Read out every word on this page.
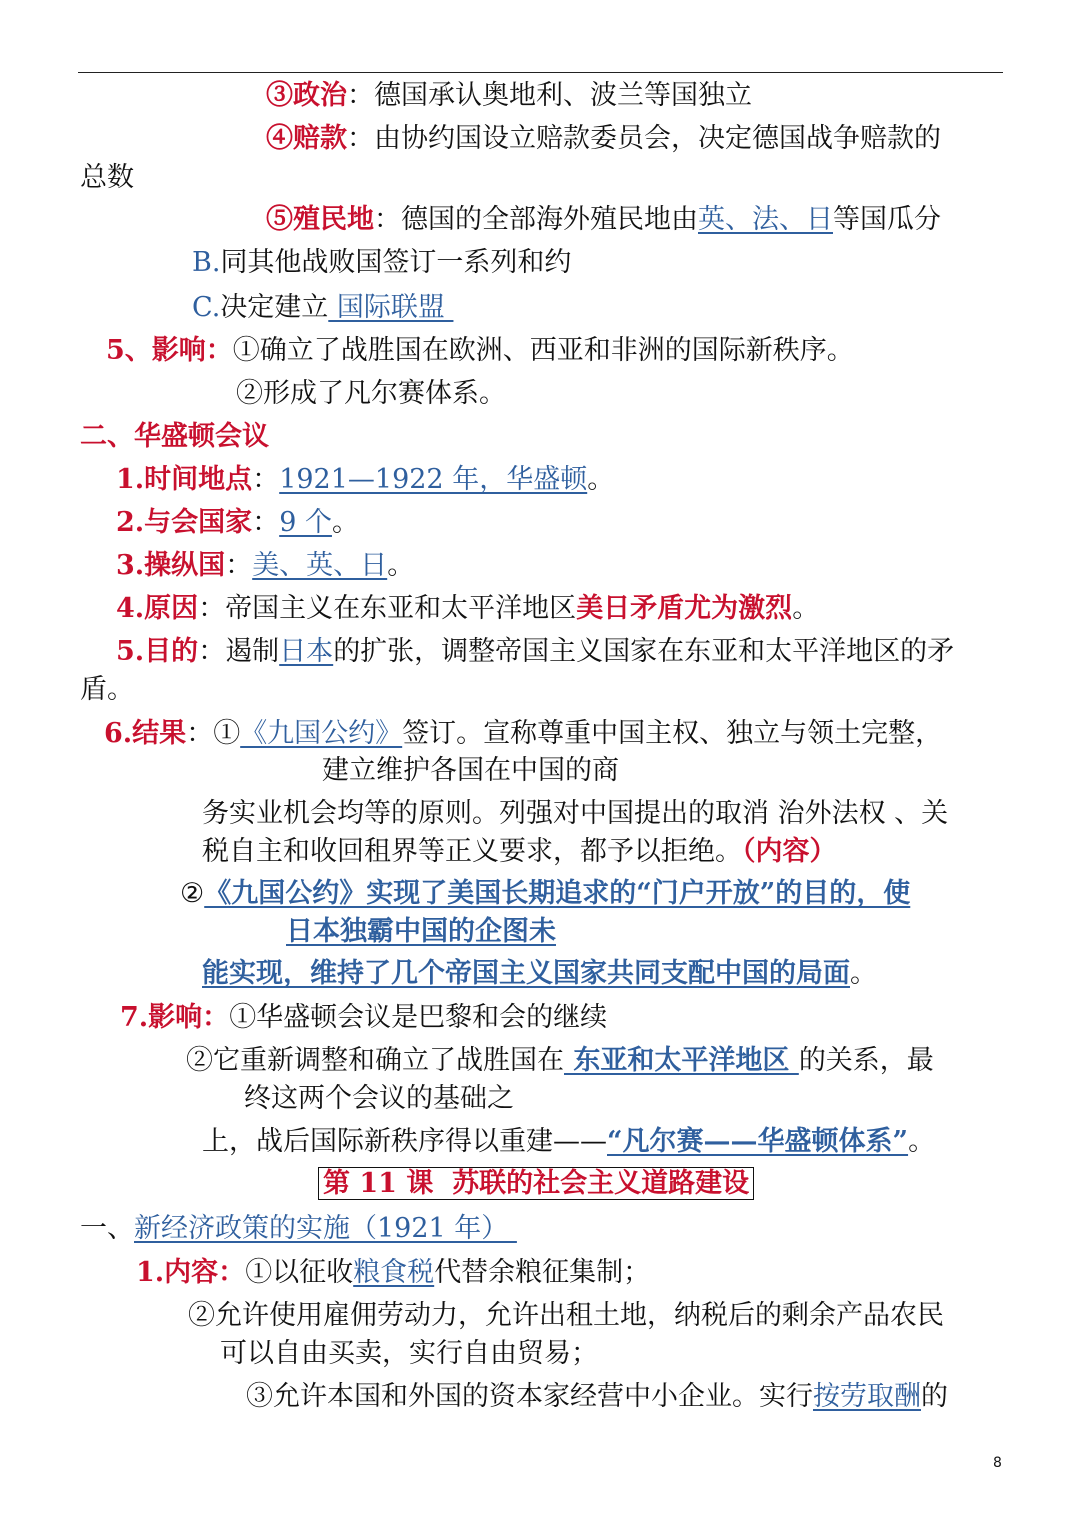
③政治：德国承认奥地利、波兰等国独立
④赔款：由协约国设立赔款委员会，决定德国战争赔款的
总数
⑤殖民地：德国的全部海外殖民地由英、法、日等国瓜分
B.同其他战败国签订一系列和约
C.决定建立 国际联盟
5、影响：①确立了战胜国在欧洲、西亚和非洲的国际新秩序。
②形成了凡尔赛体系。
二、华盛顿会议
1.时间地点：1921—1922 年，华盛顿。
2.与会国家：9 个。
3.操纵国：美、英、日。
4.原因：帝国主义在东亚和太平洋地区美日矛盾尤为激烈。
5.目的：遏制日本的扩张，调整帝国主义国家在东亚和太平洋地区的矛
盾。
6.结果：①《九国公约》签订。宣称尊重中国主权、独立与领土完整，
建立维护各国在中国的商
务实业机会均等的原则。列强对中国提出的取消 治外法权 、关
税自主和收回租界等正义要求，都予以拒绝。（内容）
②《九国公约》实现了美国长期追求的“门户开放”的目的，使
日本独霸中国的企图未
能实现，维持了几个帝国主义国家共同支配中国的局面。
7.影响：①华盛顿会议是巴黎和会的继续
②它重新调整和确立了战胜国在 东亚和太平洋地区 的关系，最
终这两个会议的基础之
上，战后国际新秩序得以重建——“凡尔赛——华盛顿体系”。
第 11 课  苏联的社会主义道路建设
一、新经济政策的实施（1921 年）
1.内容：①以征收粮食税代替余粮征集制；
②允许使用雇佣劳动力，允许出租土地，纳税后的剩余产品农民
可以自由买卖，实行自由贸易；
③允许本国和外国的资本家经营中小企业。实行按劳取酬的
8
